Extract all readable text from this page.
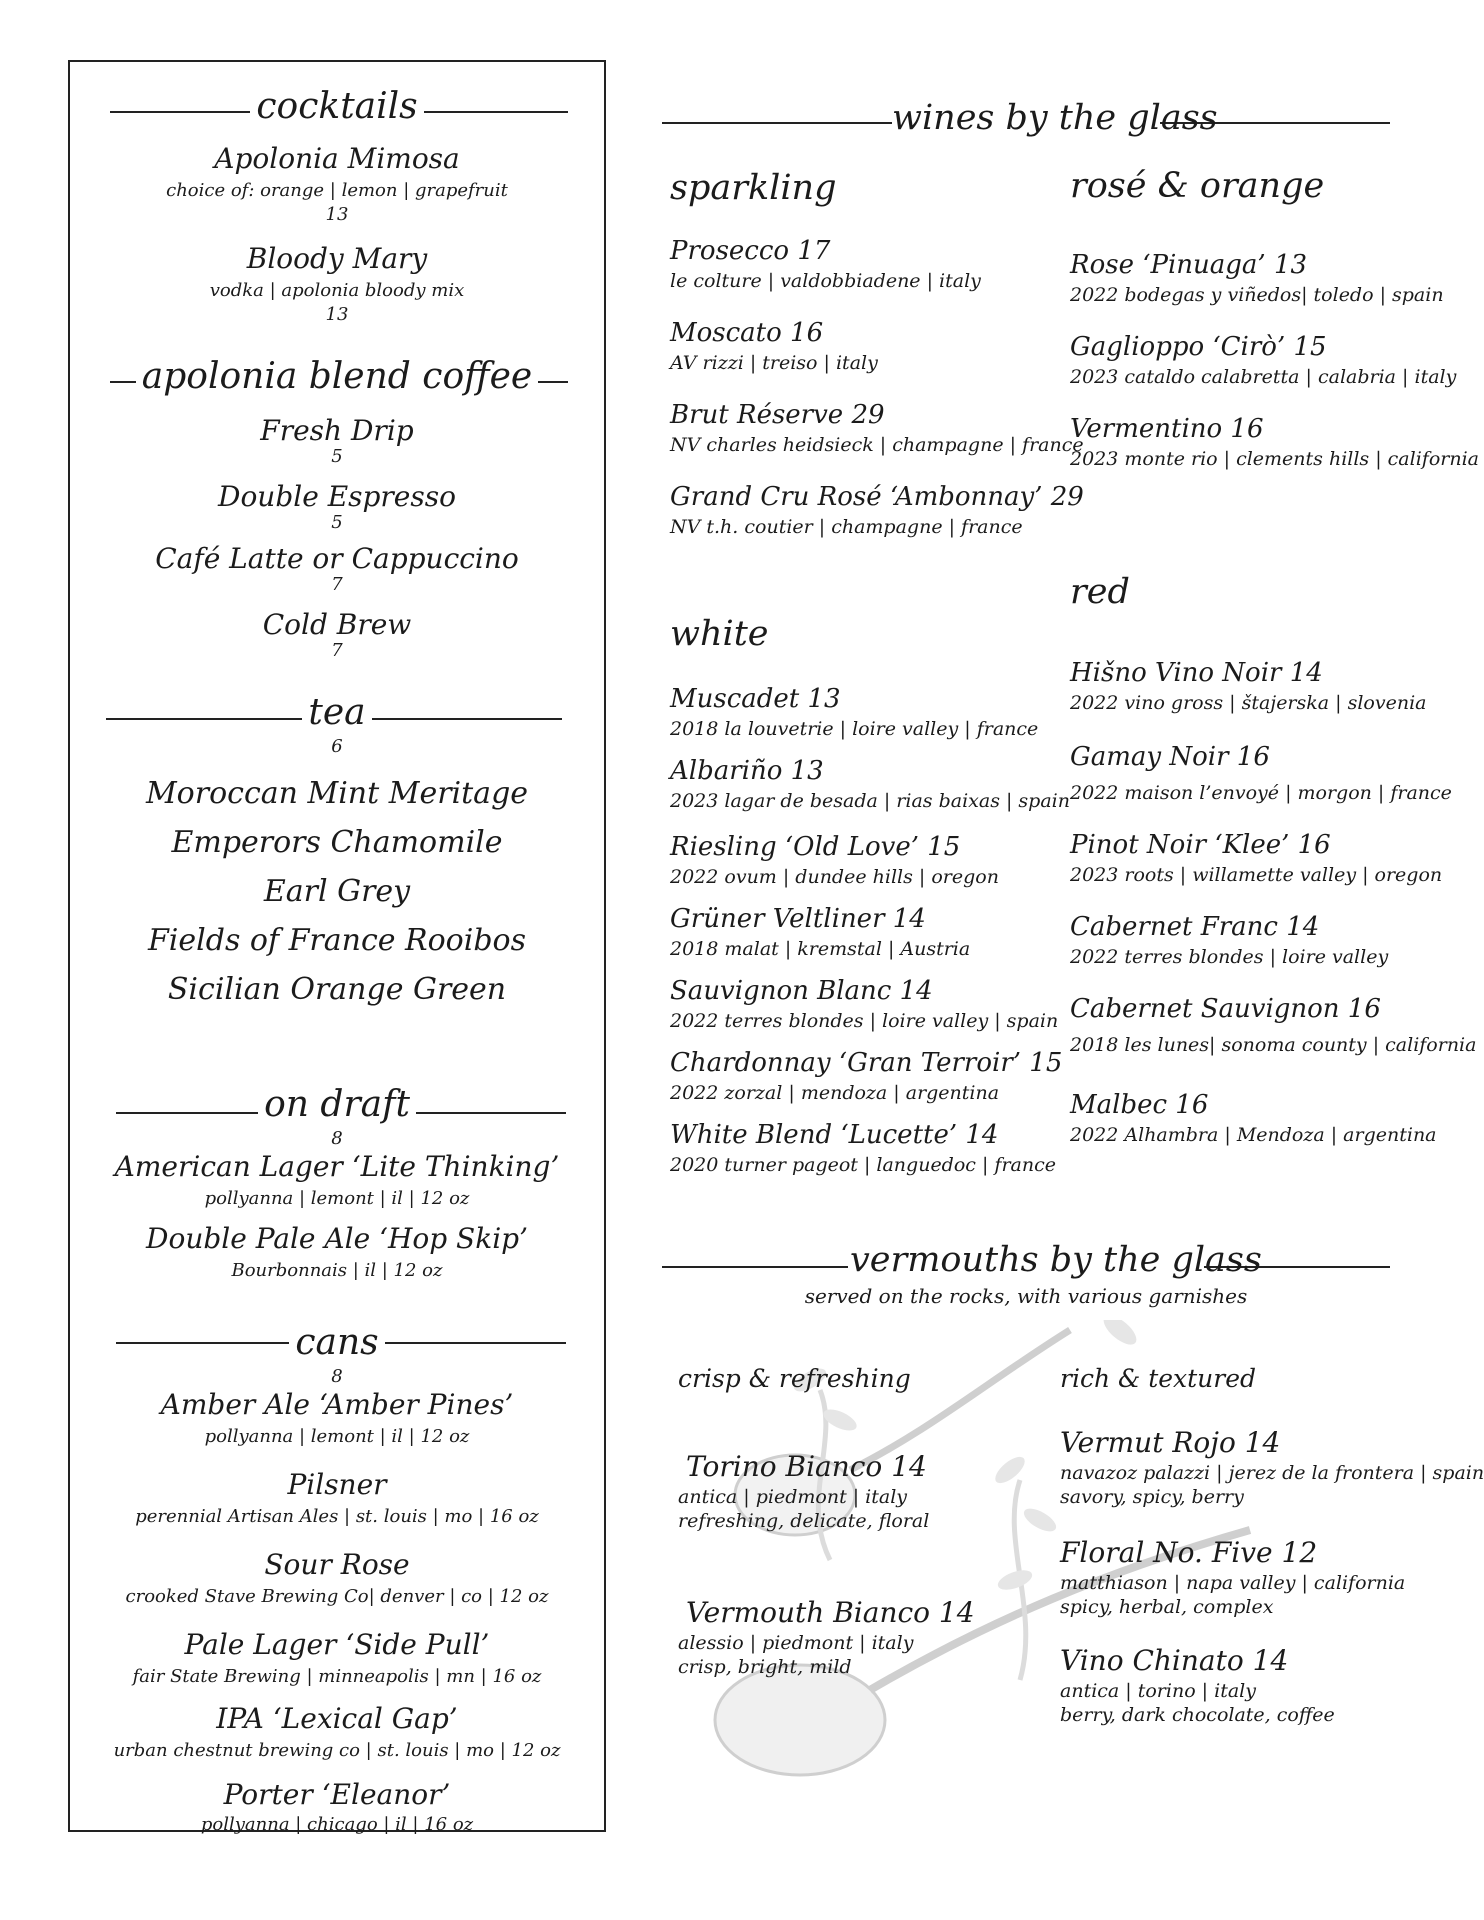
cocktails
Apolonia Mimosa
choice of: orange | lemon | grapefruit
13
Bloody Mary
vodka | apolonia bloody mix
13
apolonia blend coffee
Fresh Drip
5
Double Espresso
5
Café Latte or Cappuccino
7
Cold Brew
7
tea
6
Moroccan Mint Meritage
Emperors Chamomile
Earl Grey
Fields of France Rooibos
Sicilian Orange Green
on draft
8
American Lager ‘Lite Thinking’
pollyanna | lemont | il | 12 oz
Double Pale Ale ‘Hop Skip’
Bourbonnais | il | 12 oz
cans
8
Amber Ale ‘Amber Pines’
pollyanna | lemont | il | 12 oz
Pilsner
perennial Artisan Ales | st. louis | mo | 16 oz
Sour Rose
crooked Stave Brewing Co| denver | co | 12 oz
Pale Lager ‘Side Pull’
fair State Brewing | minneapolis | mn | 16 oz
IPA ‘Lexical Gap’
urban chestnut brewing co | st. louis | mo | 12 oz
Porter ‘Eleanor’
pollyanna | chicago | il | 16 oz
wines by the glass
sparkling
Prosecco 17
le colture | valdobbiadene | italy
Moscato 16
AV rizzi | treiso | italy
Brut Réserve 29
NV charles heidsieck | champagne | france
Grand Cru Rosé ‘Ambonnay’ 29
NV t.h. coutier | champagne | france
rosé & orange
Rose ‘Pinuaga’ 13
2022 bodegas y viñedos| toledo | spain
Gaglioppo ‘Cirò’ 15
2023 cataldo calabretta | calabria | italy
Vermentino 16
2023 monte rio | clements hills | california
white
Muscadet 13
2018 la louvetrie | loire valley | france
Albariño 13
2023 lagar de besada | rias baixas | spain
Riesling ‘Old Love’ 15
2022 ovum | dundee hills | oregon
Grüner Veltliner 14
2018 malat | kremstal | Austria
Sauvignon Blanc 14
2022 terres blondes | loire valley | spain
Chardonnay ‘Gran Terroir’ 15
2022 zorzal | mendoza | argentina
White Blend ‘Lucette’ 14
2020 turner pageot | languedoc | france
red
Hišno Vino Noir 14
2022 vino gross | štajerska | slovenia
Gamay Noir 16
2022 maison l’envoyé | morgon | france
Pinot Noir ‘Klee’ 16
2023 roots | willamette valley | oregon
Cabernet Franc 14
2022 terres blondes | loire valley
Cabernet Sauvignon 16
2018 les lunes| sonoma county | california
Malbec 16
2022 Alhambra | Mendoza | argentina
vermouths by the glass
served on the rocks, with various garnishes
crisp & refreshing
Torino Bianco 14
antica | piedmont | italy
refreshing, delicate, floral
Vermouth Bianco 14
alessio | piedmont | italy
crisp, bright, mild
rich & textured
Vermut Rojo 14
navazoz palazzi | jerez de la frontera | spain
savory, spicy, berry
Floral No. Five 12
matthiason | napa valley | california
spicy, herbal, complex
Vino Chinato 14
antica | torino | italy
berry, dark chocolate, coffee
